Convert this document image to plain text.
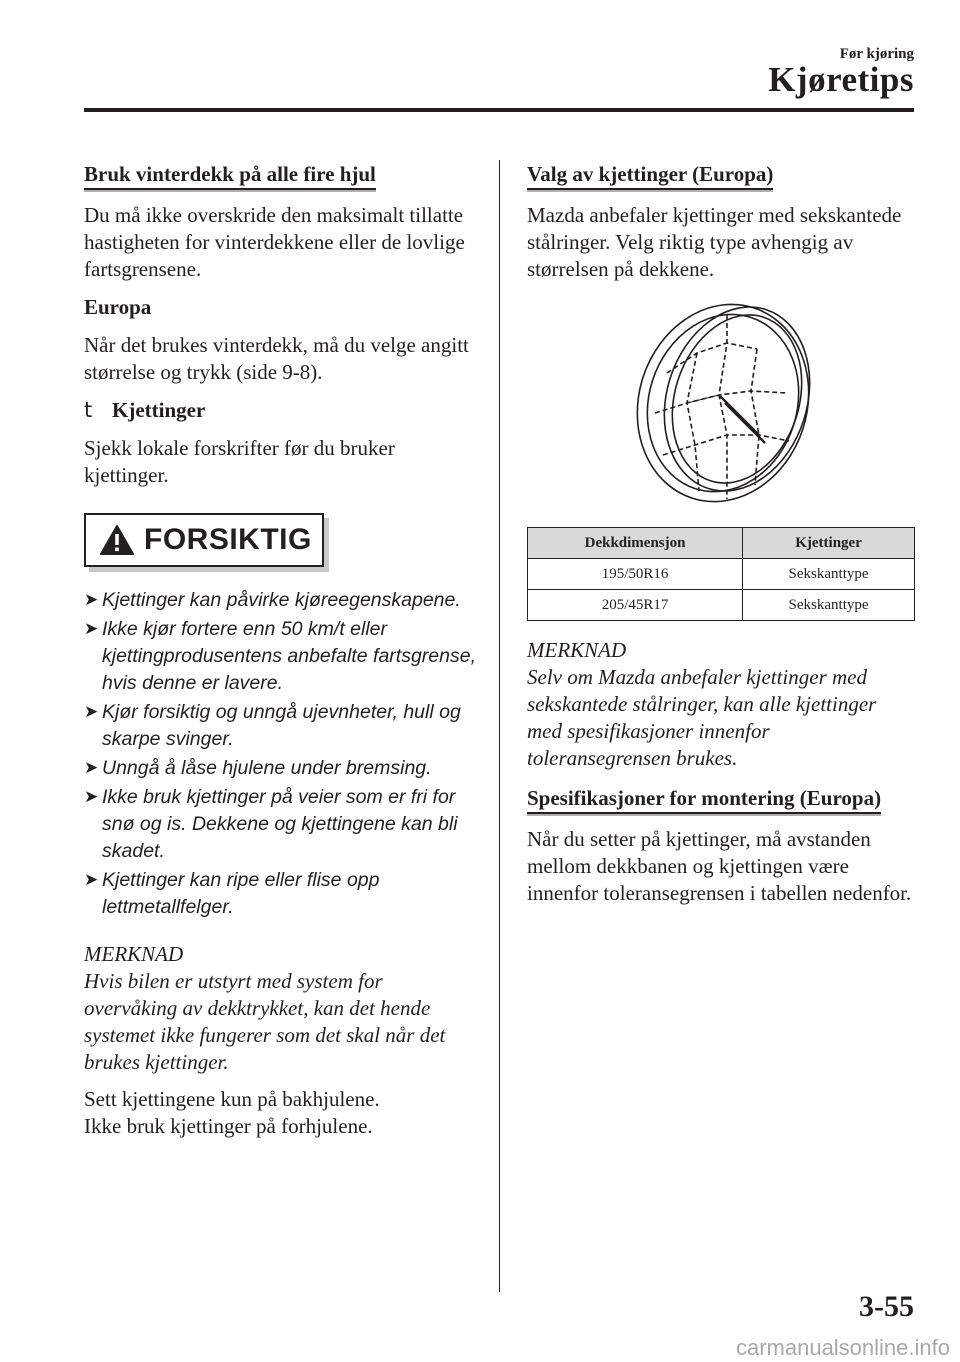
Før kjøring
Kjøretips
Bruk vinterdekk på alle fire hjul

Du må ikke overskride den maksimalt tillatte hastigheten for vinterdekkene eller de lovlige fartsgrensene.

Europa

Når det brukes vinterdekk, må du velge angitt størrelse og trykk (side 9-8).

t Kjettinger

Sjekk lokale forskrifter før du bruker kjettinger.

FORSIKTIG
➤ Kjettinger kan påvirke kjøreegenskapene.
➤ Ikke kjør fortere enn 50 km/t eller kjettingprodusentens anbefalte fartsgrense, hvis denne er lavere.
➤ Kjør forsiktig og unngå ujevnheter, hull og skarpe svinger.
➤ Unngå å låse hjulene under bremsing.
➤ Ikke bruk kjettinger på veier som er fri for snø og is. Dekkene og kjettingene kan bli skadet.
➤ Kjettinger kan ripe eller flise opp lettmetallfelger.
MERKNAD

Hvis bilen er utstyrt med system for overvåking av dekktrykket, kan det hende systemet ikke fungerer som det skal når det brukes kjettinger.

Sett kjettingene kun på bakhjulene.
Ikke bruk kjettinger på forhjulene.

Valg av kjettinger (Europa)

Mazda anbefaler kjettinger med sekskantede stålringer. Velg riktig type avhengig av størrelsen på dekkene.

Dekkdimensjon	Kjettinger
195/50R16	Sekskanttype
205/45R17	Sekskanttype
MERKNAD

Selv om Mazda anbefaler kjettinger med sekskantede stålringer, kan alle kjettinger med spesifikasjoner innenfor toleransegrensen brukes.

Spesifikasjoner for montering (Europa)

Når du setter på kjettinger, må avstanden mellom dekkbanen og kjettingen være innenfor toleransegrensen i tabellen nedenfor.

3-55
carmanualsonline.info
